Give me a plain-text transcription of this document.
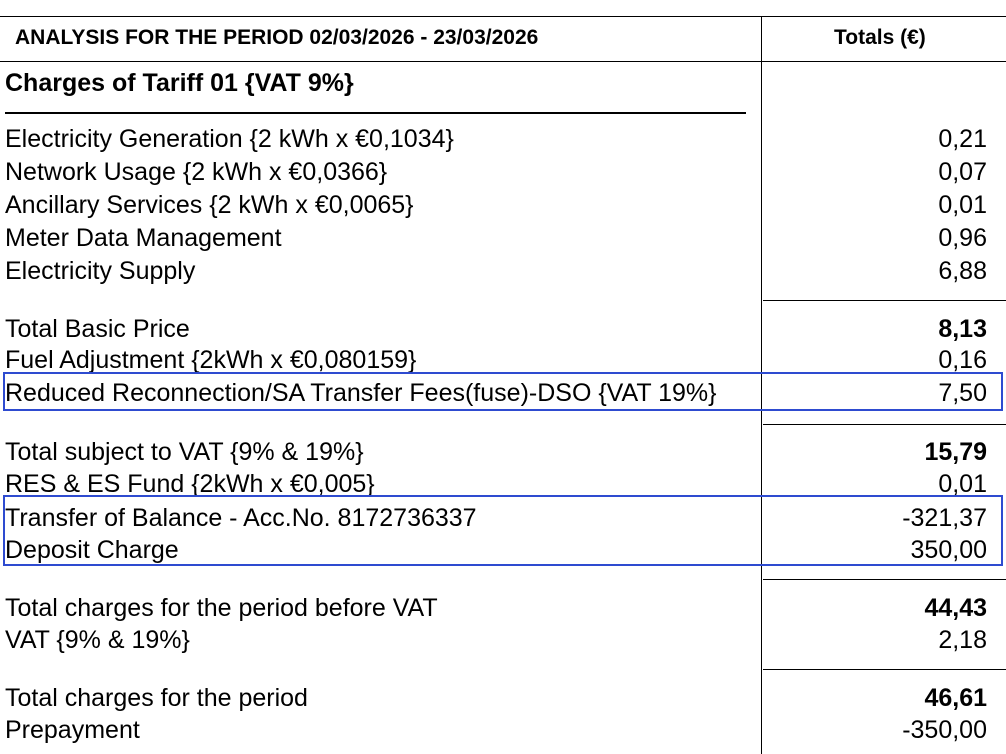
ANALYSIS FOR THE PERIOD 02/03/2026 - 23/03/2026	Totals (€)
Charges of Tariff 01 {VAT 9%}
Electricity Generation {2 kWh x €0,1034}	0,21
Network Usage {2 kWh x €0,0366}	0,07
Ancillary Services {2 kWh x €0,0065}	0,01
Meter Data Management	0,96
Electricity Supply	6,88
Total Basic Price	8,13
Fuel Adjustment {2kWh x €0,080159}	0,16
Reduced Reconnection/SA Transfer Fees(fuse)-DSO {VAT 19%}	7,50
Total subject to VAT {9% & 19%}	15,79
RES & ES Fund {2kWh x €0,005}	0,01
Transfer of Balance - Acc.No. 8172736337	-321,37
Deposit Charge	350,00
Total charges for the period before VAT	44,43
VAT {9% & 19%}	2,18
Total charges for the period	46,61
Prepayment	-350,00
